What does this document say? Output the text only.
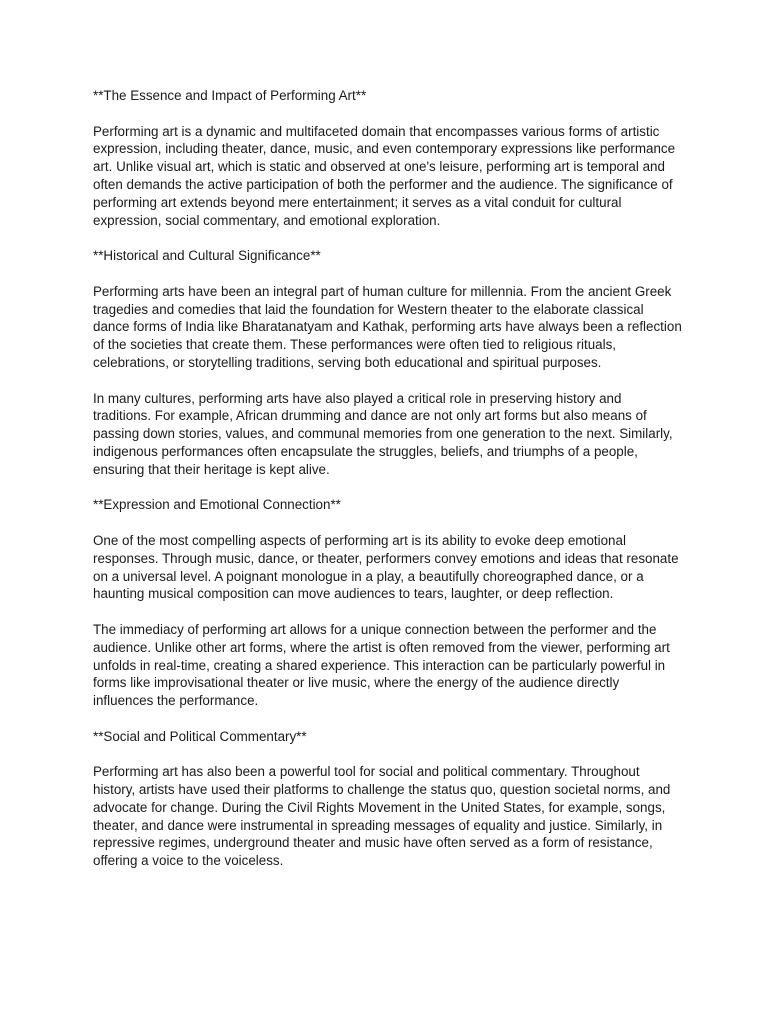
**The Essence and Impact of Performing Art**

Performing art is a dynamic and multifaceted domain that encompasses various forms of artistic expression, including theater, dance, music, and even contemporary expressions like performance art. Unlike visual art, which is static and observed at one's leisure, performing art is temporal and often demands the active participation of both the performer and the audience. The significance of performing art extends beyond mere entertainment; it serves as a vital conduit for cultural expression, social commentary, and emotional exploration.

**Historical and Cultural Significance**

Performing arts have been an integral part of human culture for millennia. From the ancient Greek tragedies and comedies that laid the foundation for Western theater to the elaborate classical dance forms of India like Bharatanatyam and Kathak, performing arts have always been a reflection of the societies that create them. These performances were often tied to religious rituals, celebrations, or storytelling traditions, serving both educational and spiritual purposes.

In many cultures, performing arts have also played a critical role in preserving history and traditions. For example, African drumming and dance are not only art forms but also means of passing down stories, values, and communal memories from one generation to the next. Similarly, indigenous performances often encapsulate the struggles, beliefs, and triumphs of a people, ensuring that their heritage is kept alive.

**Expression and Emotional Connection**

One of the most compelling aspects of performing art is its ability to evoke deep emotional responses. Through music, dance, or theater, performers convey emotions and ideas that resonate on a universal level. A poignant monologue in a play, a beautifully choreographed dance, or a haunting musical composition can move audiences to tears, laughter, or deep reflection.

The immediacy of performing art allows for a unique connection between the performer and the audience. Unlike other art forms, where the artist is often removed from the viewer, performing art unfolds in real-time, creating a shared experience. This interaction can be particularly powerful in forms like improvisational theater or live music, where the energy of the audience directly influences the performance.

**Social and Political Commentary**

Performing art has also been a powerful tool for social and political commentary. Throughout history, artists have used their platforms to challenge the status quo, question societal norms, and advocate for change. During the Civil Rights Movement in the United States, for example, songs, theater, and dance were instrumental in spreading messages of equality and justice. Similarly, in repressive regimes, underground theater and music have often served as a form of resistance, offering a voice to the voiceless.
